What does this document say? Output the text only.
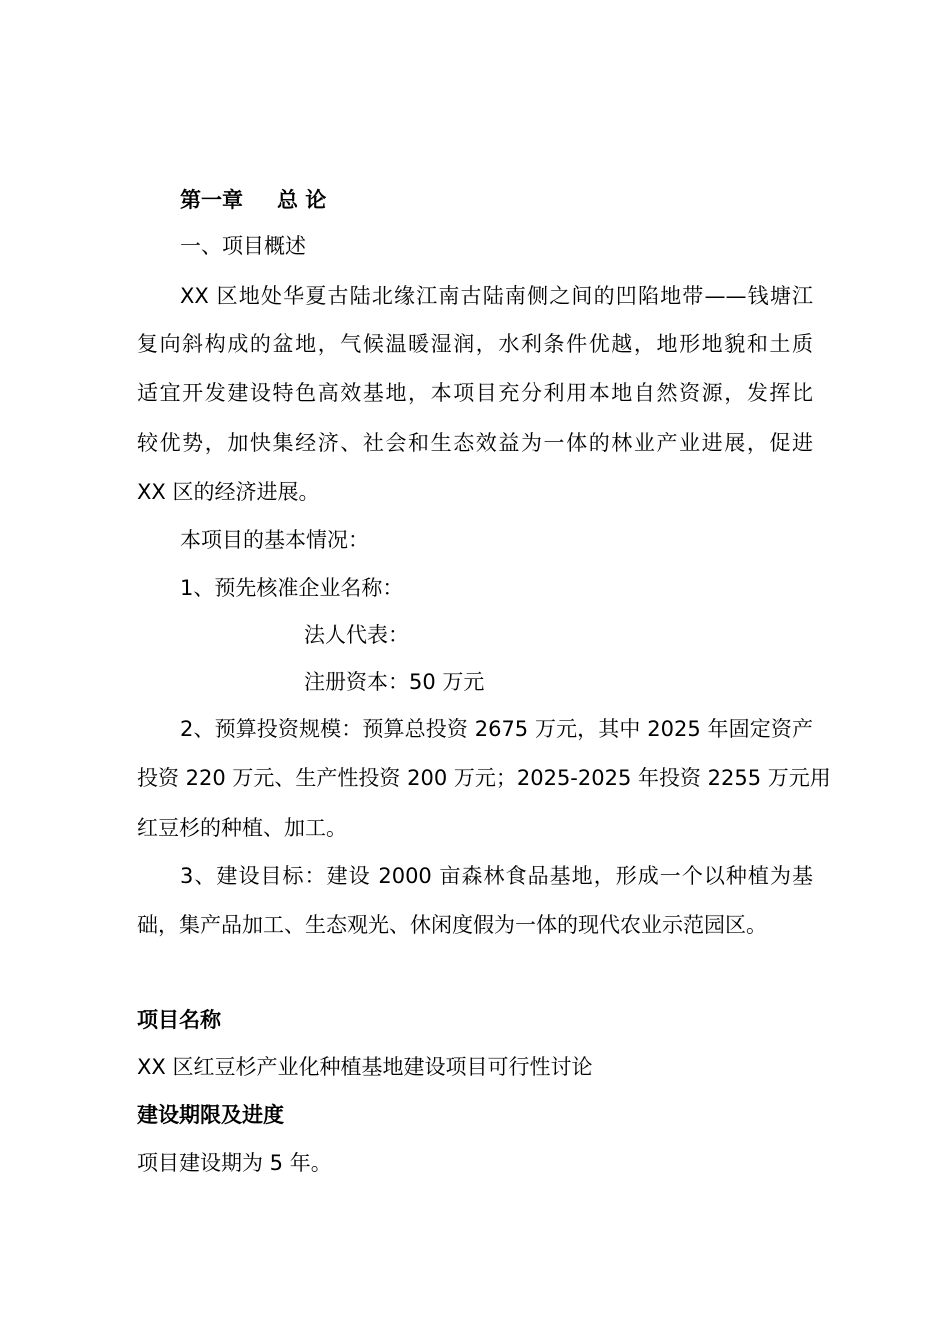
第一章 总 论
一、项目概述
XX 区地处华夏古陆北缘江南古陆南侧之间的凹陷地带——钱塘江
复向斜构成的盆地，气候温暖湿润，水利条件优越，地形地貌和土质
适宜开发建设特色高效基地，本项目充分利用本地自然资源，发挥比
较优势，加快集经济、社会和生态效益为一体的林业产业进展，促进
XX 区的经济进展。
本项目的基本情况：
1、预先核准企业名称：
法人代表：
注册资本：50 万元
2、预算投资规模：预算总投资 2675 万元，其中 2025 年固定资产
投资 220 万元、生产性投资 200 万元；2025-2025 年投资 2255 万元用
红豆杉的种植、加工。
3、建设目标：建设 2000 亩森林食品基地，形成一个以种植为基
础，集产品加工、生态观光、休闲度假为一体的现代农业示范园区。
项目名称
XX 区红豆杉产业化种植基地建设项目可行性讨论
建设期限及进度
项目建设期为 5 年。
